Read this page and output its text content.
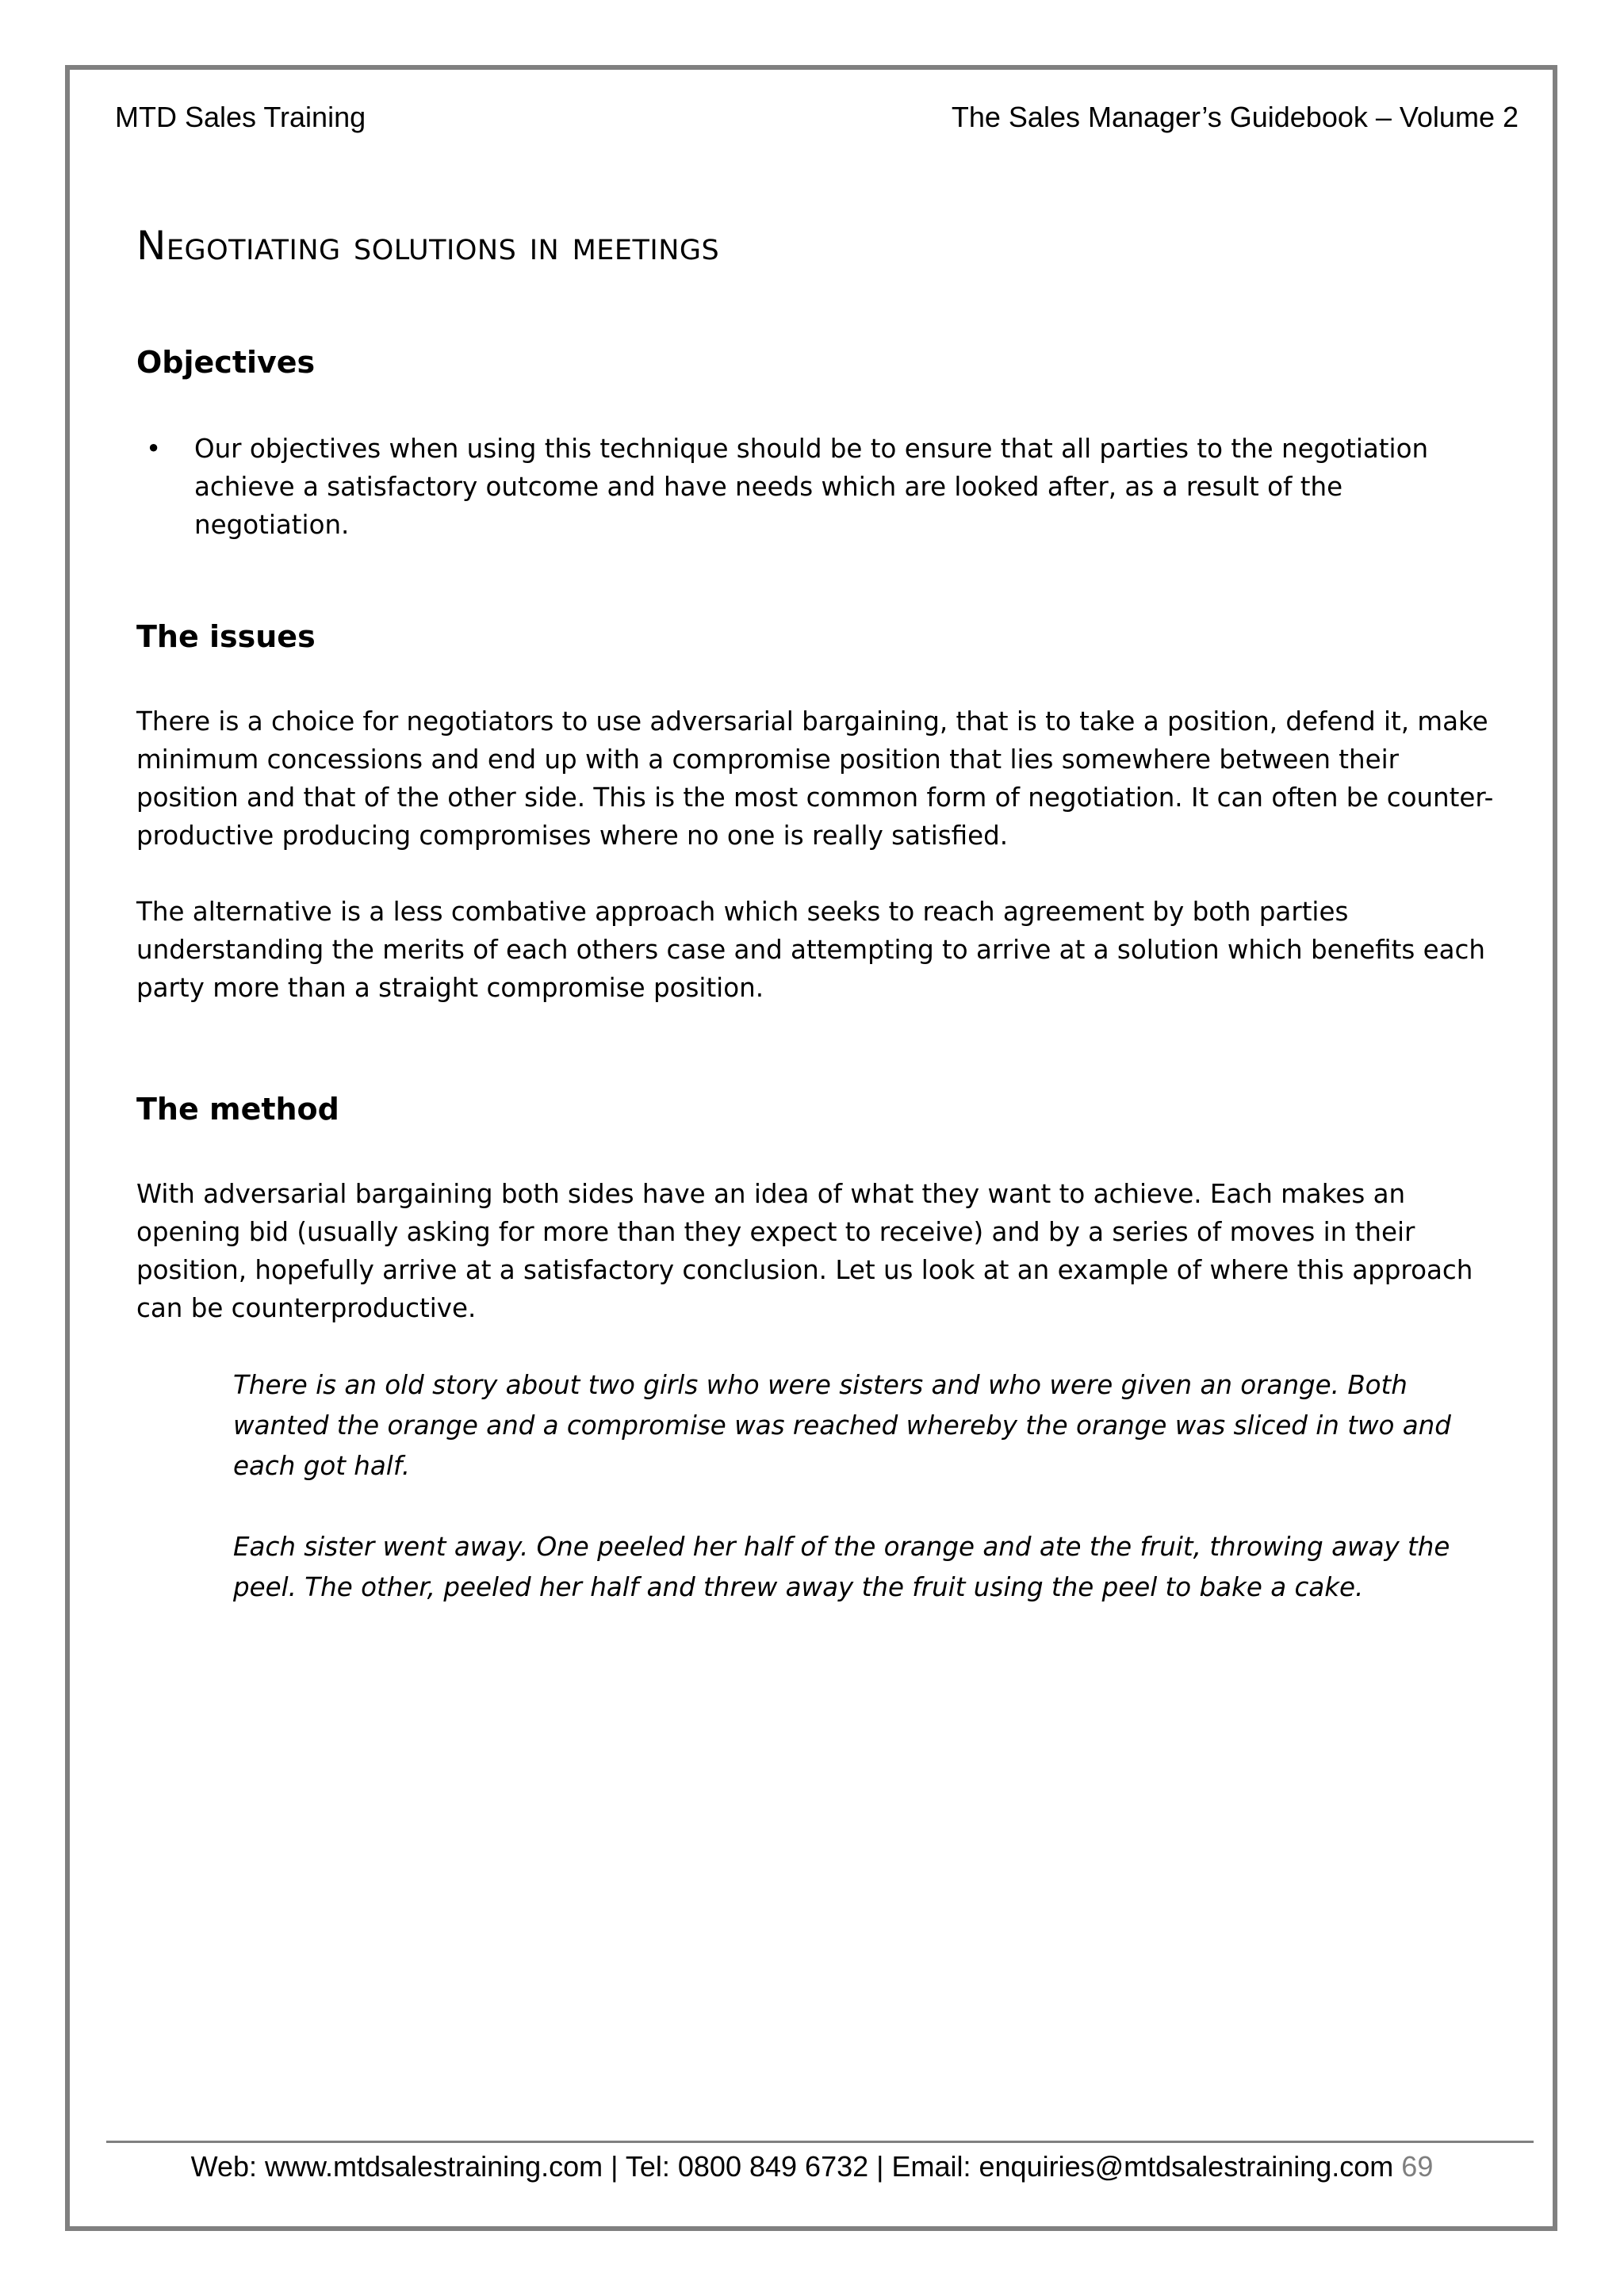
MTD Sales Training	The Sales Manager’s Guidebook – Volume 2
Negotiating solutions in meetings
Objectives
• Our objectives when using this technique should be to ensure that all parties to the negotiation achieve a satisfactory outcome and have needs which are looked after, as a result of the negotiation.
The issues

There is a choice for negotiators to use adversarial bargaining, that is to take a position, defend it, make minimum concessions and end up with a compromise position that lies somewhere between their position and that of the other side. This is the most common form of negotiation. It can often be counter-productive producing compromises where no one is really satisfied.

The alternative is a less combative approach which seeks to reach agreement by both parties understanding the merits of each others case and attempting to arrive at a solution which benefits each party more than a straight compromise position.

The method

With adversarial bargaining both sides have an idea of what they want to achieve. Each makes an opening bid (usually asking for more than they expect to receive) and by a series of moves in their position, hopefully arrive at a satisfactory conclusion. Let us look at an example of where this approach can be counterproductive.

There is an old story about two girls who were sisters and who were given an orange. Both wanted the orange and a compromise was reached whereby the orange was sliced in two and each got half.

Each sister went away. One peeled her half of the orange and ate the fruit, throwing away the peel. The other, peeled her half and threw away the fruit using the peel to bake a cake.

Web: www.mtdsalestraining.com | Tel: 0800 849 6732 | Email: enquiries@mtdsalestraining.com 69
